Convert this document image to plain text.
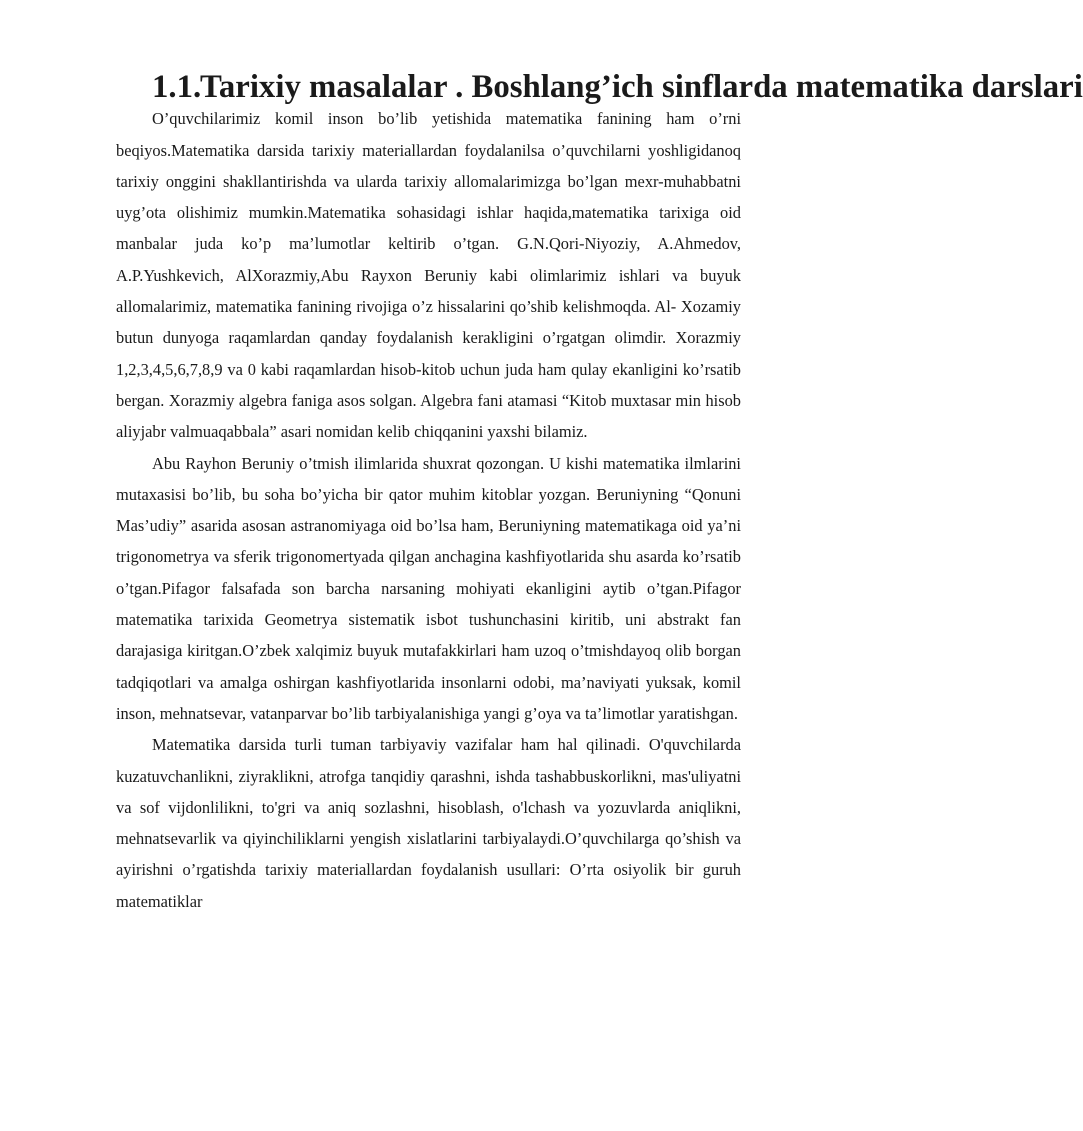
1.1.Tarixiy masalalar . Boshlang’ich sinflarda matematika darslari

O’quvchilarimiz komil inson bo’lib yetishida matematika fanining ham o’rni beqiyos.Matematika darsida tarixiy materiallardan foydalanilsa o’quvchilarni yoshligidanoq tarixiy onggini shakllantirishda va ularda tarixiy allomalarimizga bo’lgan mexr-muhabbatni uyg’ota olishimiz mumkin.Matematika sohasidagi ishlar haqida,matematika tarixiga oid manbalar juda ko’p ma’lumotlar keltirib o’tgan. G.N.Qori-Niyoziy, A.Ahmedov, A.P.Yushkevich, AlXorazmiy,Abu Rayxon Beruniy kabi olimlarimiz ishlari va buyuk allomalarimiz, matematika fanining rivojiga o’z hissalarini qo’shib kelishmoqda. Al- Xozamiy butun dunyoga raqamlardan qanday foydalanish kerakligini o’rgatgan olimdir. Xorazmiy 1,2,3,4,5,6,7,8,9 va 0 kabi raqamlardan hisob-kitob uchun juda ham qulay ekanligini ko’rsatib bergan. Xorazmiy algebra faniga asos solgan. Algebra fani atamasi “Kitob muxtasar min hisob aliyjabr valmuaqabbala” asari nomidan kelib chiqqanini yaxshi bilamiz.

Abu Rayhon Beruniy o’tmish ilimlarida shuxrat qozongan. U kishi matematika ilmlarini mutaxasisi bo’lib, bu soha bo’yicha bir qator muhim kitoblar yozgan. Beruniyning “Qonuni Mas’udiy” asarida asosan astranomiyaga oid bo’lsa ham, Beruniyning matematikaga oid ya’ni trigonometrya va sferik trigonomertyada qilgan anchagina kashfiyotlarida shu asarda ko’rsatib o’tgan.Pifagor falsafada son barcha narsaning mohiyati ekanligini aytib o’tgan.Pifagor matematika tarixida Geometrya sistematik isbot tushunchasini kiritib, uni abstrakt fan darajasiga kiritgan.O’zbek xalqimiz buyuk mutafakkirlari ham uzoq o’tmishdayoq olib borgan tadqiqotlari va amalga oshirgan kashfiyotlarida insonlarni odobi, ma’naviyati yuksak, komil inson, mehnatsevar, vatanparvar bo’lib tarbiyalanishiga yangi g’oya va ta’limotlar yaratishgan.

Matematika darsida turli tuman tarbiyaviy vazifalar ham hal qilinadi. O'quvchilarda kuzatuvchanlikni, ziyraklikni, atrofga tanqidiy qarashni, ishda tashabbuskorlikni, mas'uliyatni va sof vijdonlilikni, to'gri va aniq sozlashni, hisoblash, o'lchash va yozuvlarda aniqlikni, mehnatsevarlik va qiyinchiliklarni yengish xislatlarini tarbiyalaydi.O’quvchilarga qo’shish va ayirishni o’rgatishda tarixiy materiallardan foydalanish usullari: O’rta osiyolik bir guruh matematiklar
